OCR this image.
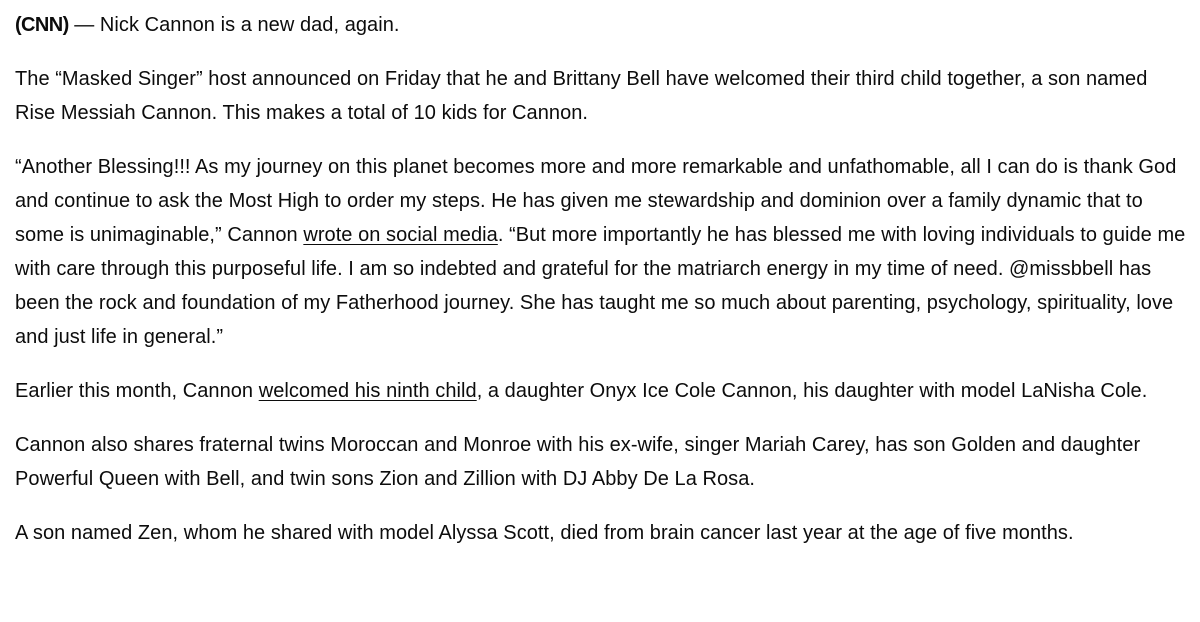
(CNN) — Nick Cannon is a new dad, again.

The “Masked Singer” host announced on Friday that he and Brittany Bell have welcomed their third child together, a son named Rise Messiah Cannon. This makes a total of 10 kids for Cannon.

“Another Blessing!!! As my journey on this planet becomes more and more remarkable and unfathomable, all I can do is thank God and continue to ask the Most High to order my steps. He has given me stewardship and dominion over a family dynamic that to some is unimaginable,” Cannon wrote on social media. “But more importantly he has blessed me with loving individuals to guide me with care through this purposeful life. I am so indebted and grateful for the matriarch energy in my time of need. @missbbell has been the rock and foundation of my Fatherhood journey. She has taught me so much about parenting, psychology, spirituality, love and just life in general.”

Earlier this month, Cannon welcomed his ninth child, a daughter Onyx Ice Cole Cannon, his daughter with model LaNisha Cole.

Cannon also shares fraternal twins Moroccan and Monroe with his ex-wife, singer Mariah Carey, has son Golden and daughter Powerful Queen with Bell, and twin sons Zion and Zillion with DJ Abby De La Rosa.

A son named Zen, whom he shared with model Alyssa Scott, died from brain cancer last year at the age of five months.
